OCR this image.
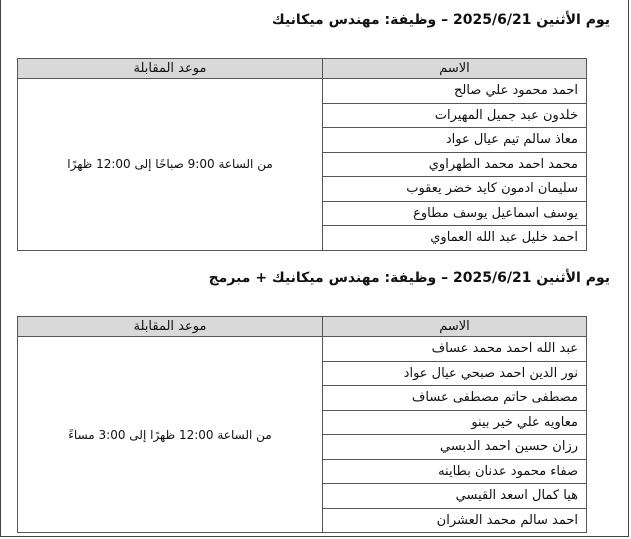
يوم الأثنين 2025/6/21 – وظيفة: مهندس ميكانيك
الاسم	موعد المقابلة
احمد محمود علي صالح	من الساعة 9:00 صباحًا إلى 12:00 ظهرًا
خلدون عبد جميل المهيرات	
معاذ سالم تيم عيال عواد	
محمد احمد محمد الطهراوي	
سليمان ادمون كايد خضر يعقوب	
يوسف اسماعيل يوسف مطاوع	
احمد خليل عبد الله العماوي	
يوم الأثنين 2025/6/21 – وظيفة: مهندس ميكانيك + مبرمج
الاسم	موعد المقابلة
عبد الله احمد محمد عساف	من الساعة 12:00 ظهرًا إلى 3:00 مساءً
نور الدين احمد صبحي عيال عواد	
مصطفى حاتم مصطفى عساف	
معاويه علي خير بينو	
رزان حسين احمد الدبسي	
صفاء محمود عدنان بطاينه	
هيا كمال اسعد القيسي	
احمد سالم محمد العشران	
